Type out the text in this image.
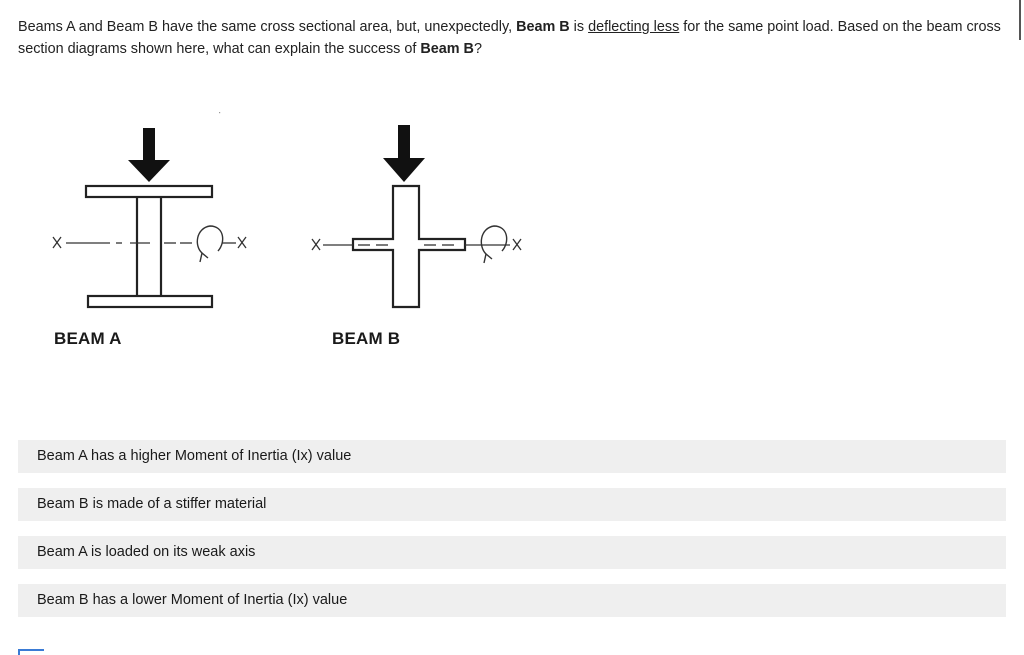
Beams A and Beam B have the same cross sectional area, but, unexpectedly, Beam B is deflecting less for the same point load. Based on the beam cross section diagrams shown here, what can explain the success of Beam B?
BEAM A	BEAM B
Beam A has a higher Moment of Inertia (Ix) value
Beam B is made of a stiffer material
Beam A is loaded on its weak axis
Beam B has a lower Moment of Inertia (Ix) value
